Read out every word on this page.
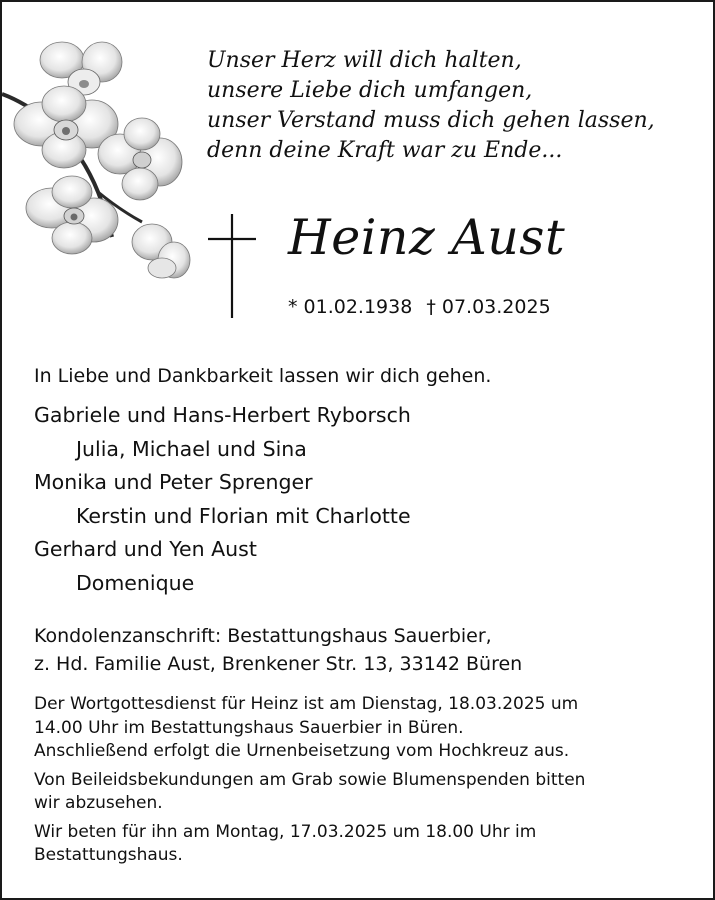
Unser Herz will dich halten,
unsere Liebe dich umfangen,
unser Verstand muss dich gehen lassen,
denn deine Kraft war zu Ende...
Heinz Aust
* 01.02.1938 † 07.03.2025
In Liebe und Dankbarkeit lassen wir dich gehen.
Gabriele und Hans-Herbert Ryborsch
Julia, Michael und Sina
Monika und Peter Sprenger
Kerstin und Florian mit Charlotte
Gerhard und Yen Aust
Domenique
Kondolenzanschrift: Bestattungshaus Sauerbier,
z. Hd. Familie Aust, Brenkener Str. 13, 33142 Büren

Der Wortgottesdienst für Heinz ist am Dienstag, 18.03.2025 um
14.00 Uhr im Bestattungshaus Sauerbier in Büren.
Anschließend erfolgt die Urnenbeisetzung vom Hochkreuz aus.

Von Beileidsbekundungen am Grab sowie Blumenspenden bitten
wir abzusehen.

Wir beten für ihn am Montag, 17.03.2025 um 18.00 Uhr im
Bestattungshaus.
